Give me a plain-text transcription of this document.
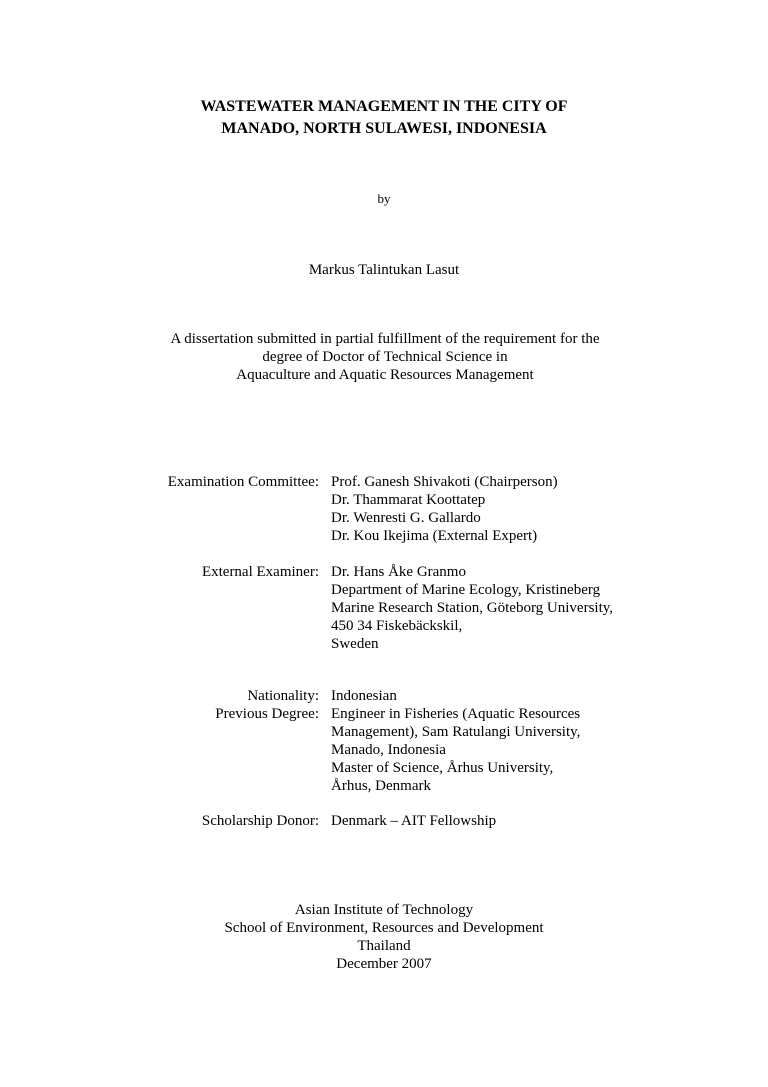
WASTEWATER MANAGEMENT IN THE CITY OF
MANADO, NORTH SULAWESI, INDONESIA
by
Markus Talintukan Lasut
A dissertation submitted in partial fulfillment of the requirement for the
degree of Doctor of Technical Science in
Aquaculture and Aquatic Resources Management
Examination Committee: Prof. Ganesh Shivakoti (Chairperson)
Dr. Thammarat Koottatep
Dr. Wenresti G. Gallardo
Dr. Kou Ikejima (External Expert)
External Examiner: Dr. Hans Åke Granmo
Department of Marine Ecology, Kristineberg
Marine Research Station, Göteborg University,
450 34 Fiskebäckskil,
Sweden
Nationality: Indonesian
Previous Degree: Engineer in Fisheries (Aquatic Resources
Management), Sam Ratulangi University,
Manado, Indonesia
Master of Science, Århus University,
Århus, Denmark
Scholarship Donor: Denmark – AIT Fellowship
Asian Institute of Technology
School of Environment, Resources and Development
Thailand
December 2007
